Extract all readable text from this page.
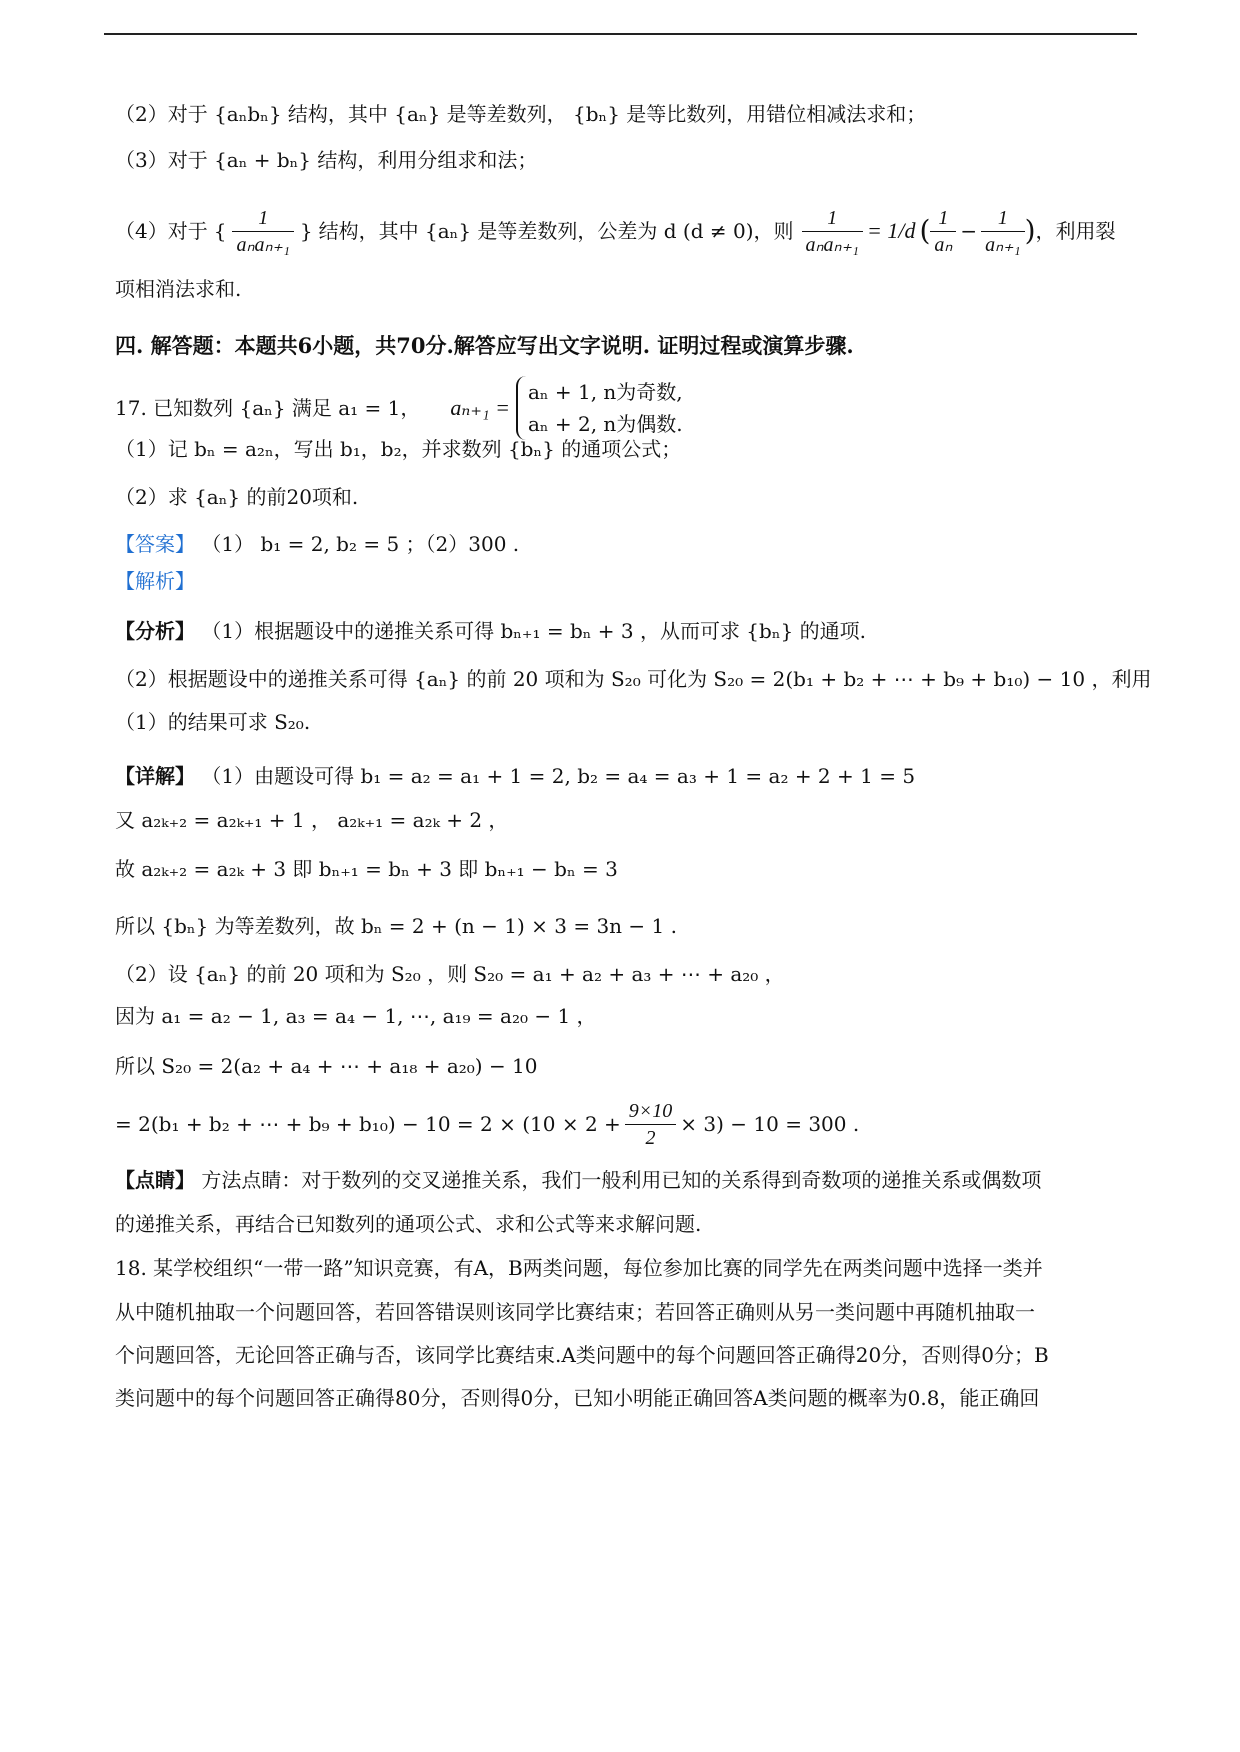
（2）对于 {aₙbₙ} 结构，其中 {aₙ} 是等差数列， {bₙ} 是等比数列，用错位相减法求和；
（3）对于 {aₙ + bₙ} 结构，利用分组求和法；
（4）对于 { $\frac{1}{\text{aₙaₙ₊₁}}$ } 结构，其中 {aₙ} 是等差数列，公差为 d (d ≠ 0)，则 $\frac{1}{\text{aₙaₙ₊₁}} = 1/d$ ( $\frac{1}{\text{aₙ}} - \frac{1}{\text{aₙ₊₁}}$ ) ，利用裂
项相消法求和.
四. 解答题：本题共6小题，共70分.解答应写出文字说明. 证明过程或演算步骤.
17. 已知数列 {aₙ} 满足 a₁ = 1， aₙ₊₁ =
aₙ + 1, n为奇数,
aₙ + 2, n为偶数.
（1）记 bₙ = a₂ₙ，写出 b₁，b₂，并求数列 {bₙ} 的通项公式；
（2）求 {aₙ} 的前20项和.
【答案】 （1） b₁ = 2, b₂ = 5 ；（2）300 .
【解析】
【分析】 （1）根据题设中的递推关系可得 bₙ₊₁ = bₙ + 3 ，从而可求 {bₙ} 的通项.
（2）根据题设中的递推关系可得 {aₙ} 的前 20 项和为 S₂₀ 可化为 S₂₀ = 2(b₁ + b₂ + ⋯ + b₉ + b₁₀) − 10 ，利用
（1）的结果可求 S₂₀.
【详解】 （1）由题设可得 b₁ = a₂ = a₁ + 1 = 2, b₂ = a₄ = a₃ + 1 = a₂ + 2 + 1 = 5
又 a₂ₖ₊₂ = a₂ₖ₊₁ + 1 ， a₂ₖ₊₁ = a₂ₖ + 2 ，
故 a₂ₖ₊₂ = a₂ₖ + 3 即 bₙ₊₁ = bₙ + 3 即 bₙ₊₁ − bₙ = 3
所以 {bₙ} 为等差数列，故 bₙ = 2 + (n − 1) × 3 = 3n − 1 .
（2）设 {aₙ} 的前 20 项和为 S₂₀ ，则 S₂₀ = a₁ + a₂ + a₃ + ⋯ + a₂₀ ，
因为 a₁ = a₂ − 1, a₃ = a₄ − 1, ⋯, a₁₉ = a₂₀ − 1 ，
所以 S₂₀ = 2(a₂ + a₄ + ⋯ + a₁₈ + a₂₀) − 10
= 2(b₁ + b₂ + ⋯ + $b_9 + b_{10}) - 10 = 2 \times (10 \times 2 + \frac{9\times 10}{2} \times 3) - 10 = 300$ .
【点睛】 方法点睛：对于数列的交叉递推关系，我们一般利用已知的关系得到奇数项的递推关系或偶数项
的递推关系，再结合已知数列的通项公式、求和公式等来求解问题.
18. 某学校组织“一带一路”知识竞赛，有A，B两类问题，每位参加比赛的同学先在两类问题中选择一类并
从中随机抽取一个问题回答，若回答错误则该同学比赛结束；若回答正确则从另一类问题中再随机抽取一
个问题回答，无论回答正确与否，该同学比赛结束.A类问题中的每个问题回答正确得20分，否则得0分；B
类问题中的每个问题回答正确得80分，否则得0分，已知小明能正确回答A类问题的概率为0.8，能正确回
